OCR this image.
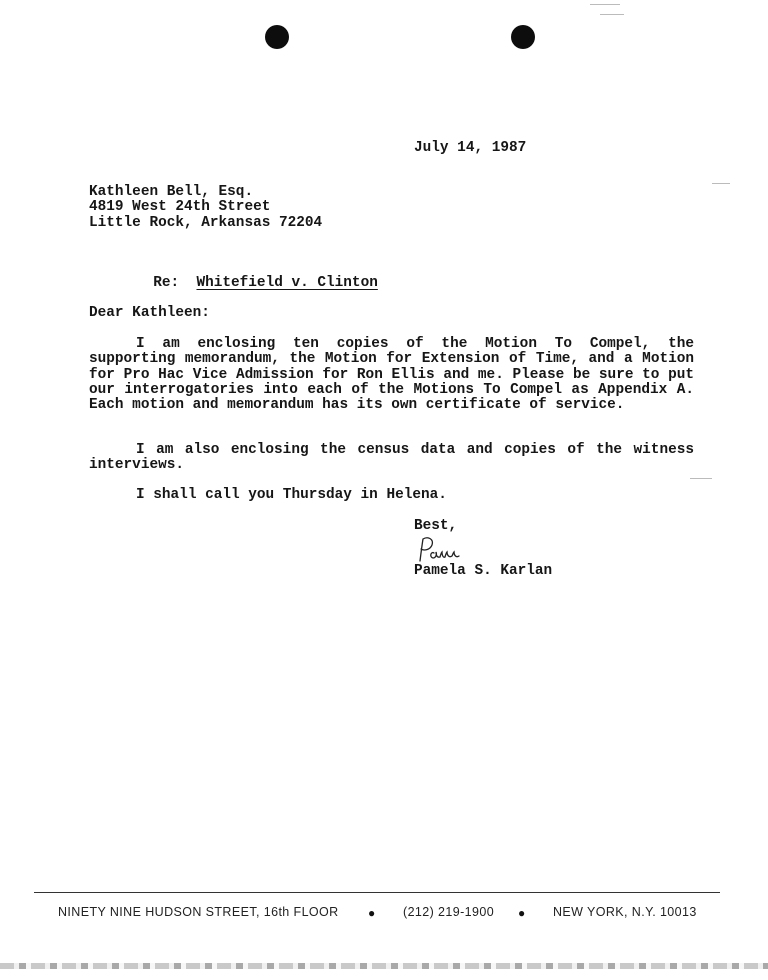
July 14, 1987
Kathleen Bell, Esq.
4819 West 24th Street
Little Rock, Arkansas 72204

Re: Whitefield v. Clinton

Dear Kathleen:
I am enclosing ten copies of the Motion To Compel, the supporting memorandum, the Motion for Extension of Time, and a Motion for Pro Hac Vice Admission for Ron Ellis and me. Please be sure to put our interrogatories into each of the Motions To Compel as Appendix A. Each motion and memorandum has its own certificate of service.
I am also enclosing the census data and copies of the witness interviews.
I shall call you Thursday in Helena.
Best,
Pamela S. Karlan
NINETY NINE HUDSON STREET, 16th FLOOR ● (212) 219-1900 ● NEW YORK, N.Y. 10013
